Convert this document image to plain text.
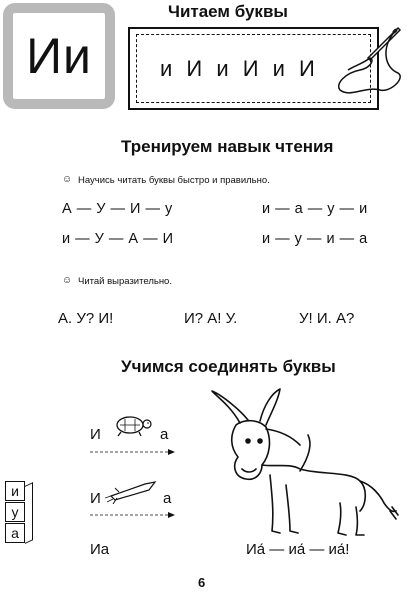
Ии
Читаем буквы
и И и И и И
Тренируем навык чтения
☺ Научись читать буквы быстро и правильно.
А — У — И — у	и — а — у — и
и — У — А — И	и — у — и — а
☺ Читай выразительно.
А. У? И!	И? А! У.	У! И. А?
Учимся соединять буквы
И	а
И	а
и
у
а
Иа	Иа́ — иа́ — иа́!
6
